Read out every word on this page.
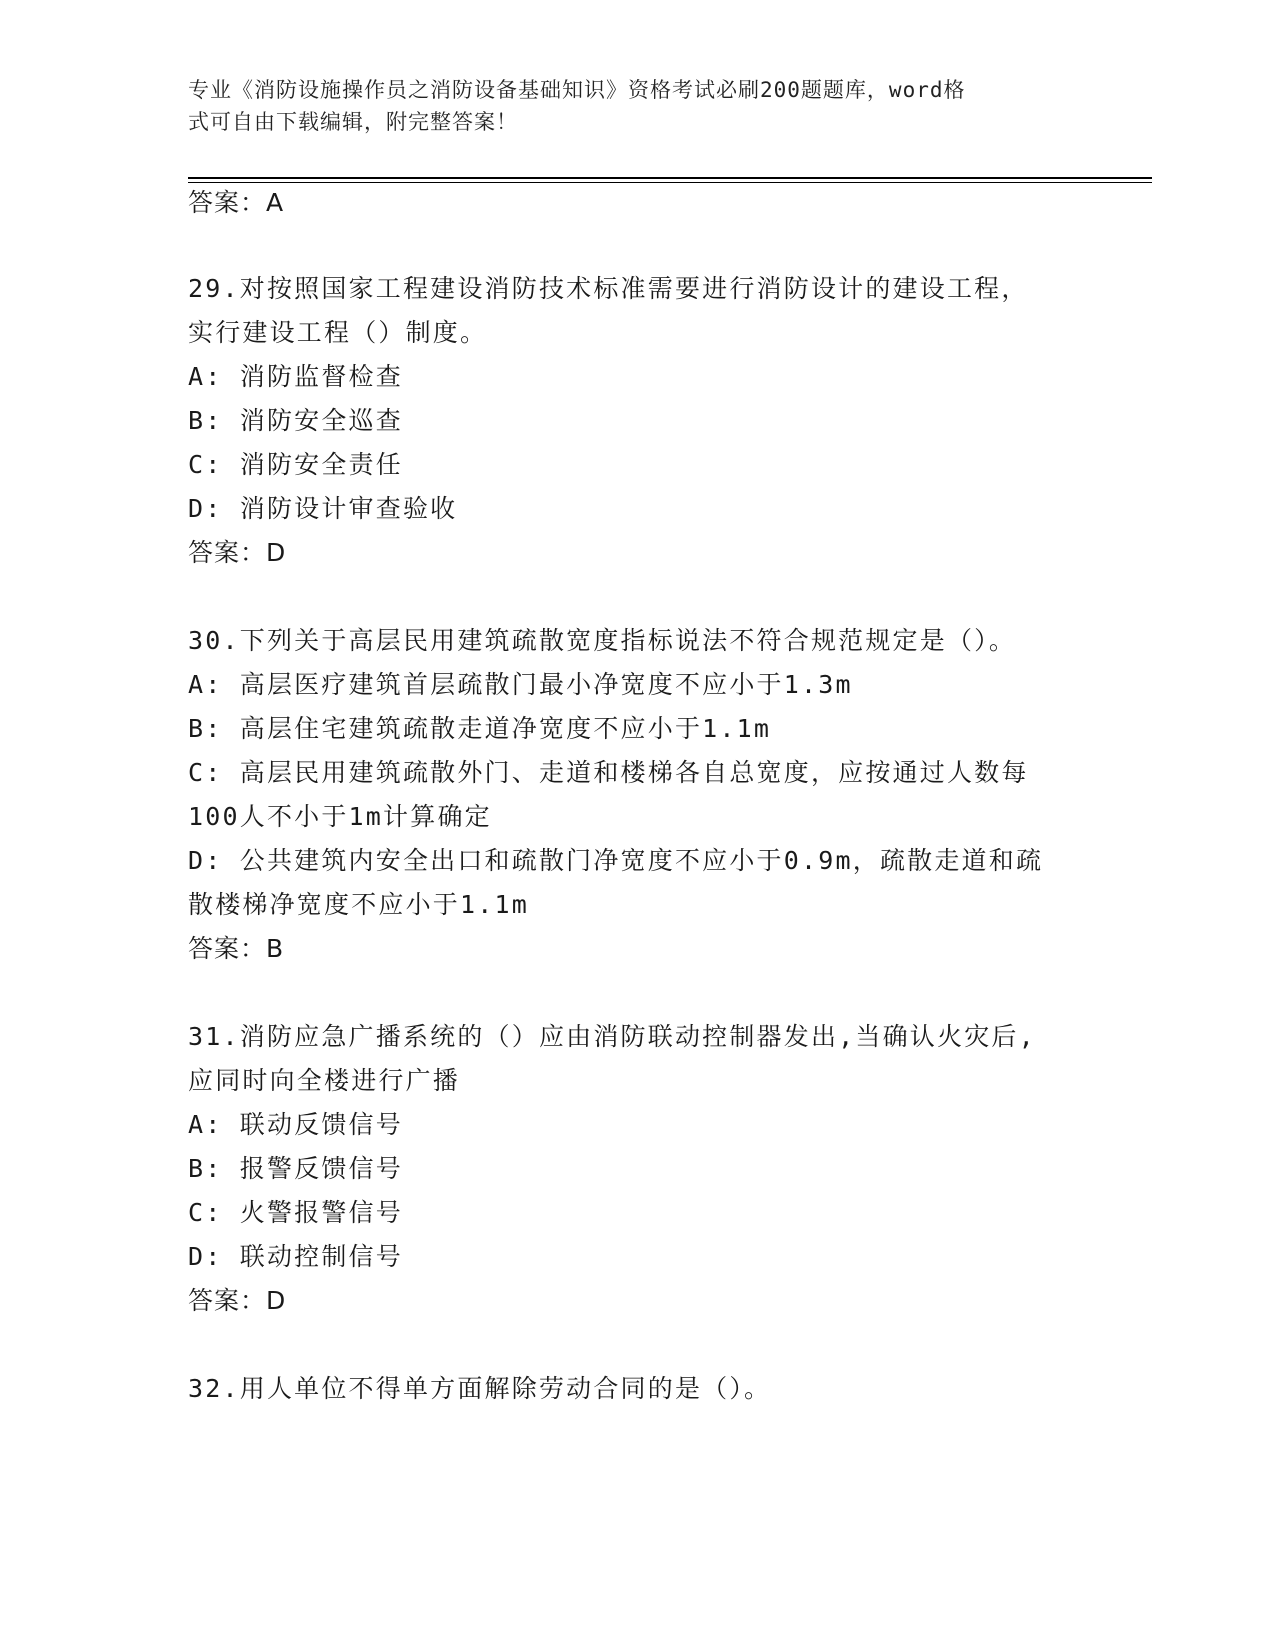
专业《消防设施操作员之消防设备基础知识》资格考试必刷200题题库，word格
式可自由下载编辑，附完整答案！
答案：A
29.对按照国家工程建设消防技术标准需要进行消防设计的建设工程，
实行建设工程（）制度。
A: 消防监督检查
B: 消防安全巡查
C: 消防安全责任
D: 消防设计审查验收
答案：D
30.下列关于高层民用建筑疏散宽度指标说法不符合规范规定是（）。
A: 高层医疗建筑首层疏散门最小净宽度不应小于1.3m
B: 高层住宅建筑疏散走道净宽度不应小于1.1m
C: 高层民用建筑疏散外门、走道和楼梯各自总宽度，应按通过人数每
100人不小于1m计算确定
D: 公共建筑内安全出口和疏散门净宽度不应小于0.9m，疏散走道和疏
散楼梯净宽度不应小于1.1m
答案：B
31.消防应急广播系统的（）应由消防联动控制器发出,当确认火灾后,
应同时向全楼进行广播
A: 联动反馈信号
B: 报警反馈信号
C: 火警报警信号
D: 联动控制信号
答案：D
32.用人单位不得单方面解除劳动合同的是（）。
